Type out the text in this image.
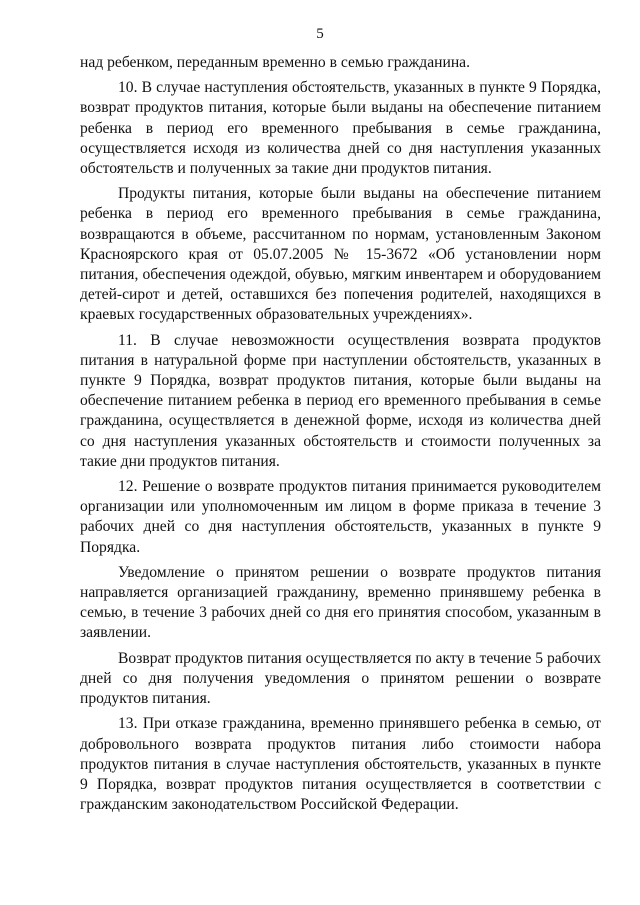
5

над ребенком, переданным временно в семью гражданина.

10. В случае наступления обстоятельств, указанных в пункте 9 Порядка, возврат продуктов питания, которые были выданы на обеспечение питанием ребенка в период его временного пребывания в семье гражданина, осуществляется исходя из количества дней со дня наступления указанных обстоятельств и полученных за такие дни продуктов питания.

Продукты питания, которые были выданы на обеспечение питанием ребенка в период его временного пребывания в семье гражданина, возвращаются в объеме, рассчитанном по нормам, установленным Законом Красноярского края от 05.07.2005 № 15-3672 «Об установлении норм питания, обеспечения одеждой, обувью, мягким инвентарем и оборудованием детей-сирот и детей, оставшихся без попечения родителей, находящихся в краевых государственных образовательных учреждениях».

11. В случае невозможности осуществления возврата продуктов питания в натуральной форме при наступлении обстоятельств, указанных в пункте 9 Порядка, возврат продуктов питания, которые были выданы на обеспечение питанием ребенка в период его временного пребывания в семье гражданина, осуществляется в денежной форме, исходя из количества дней со дня наступления указанных обстоятельств и стоимости полученных за такие дни продуктов питания.

12. Решение о возврате продуктов питания принимается руководителем организации или уполномоченным им лицом в форме приказа в течение 3 рабочих дней со дня наступления обстоятельств, указанных в пункте 9 Порядка.

Уведомление о принятом решении о возврате продуктов питания направляется организацией гражданину, временно принявшему ребенка в семью, в течение 3 рабочих дней со дня его принятия способом, указанным в заявлении.

Возврат продуктов питания осуществляется по акту в течение 5 рабочих дней со дня получения уведомления о принятом решении о возврате продуктов питания.

13. При отказе гражданина, временно принявшего ребенка в семью, от добровольного возврата продуктов питания либо стоимости набора продуктов питания в случае наступления обстоятельств, указанных в пункте 9 Порядка, возврат продуктов питания осуществляется в соответствии с гражданским законодательством Российской Федерации.
